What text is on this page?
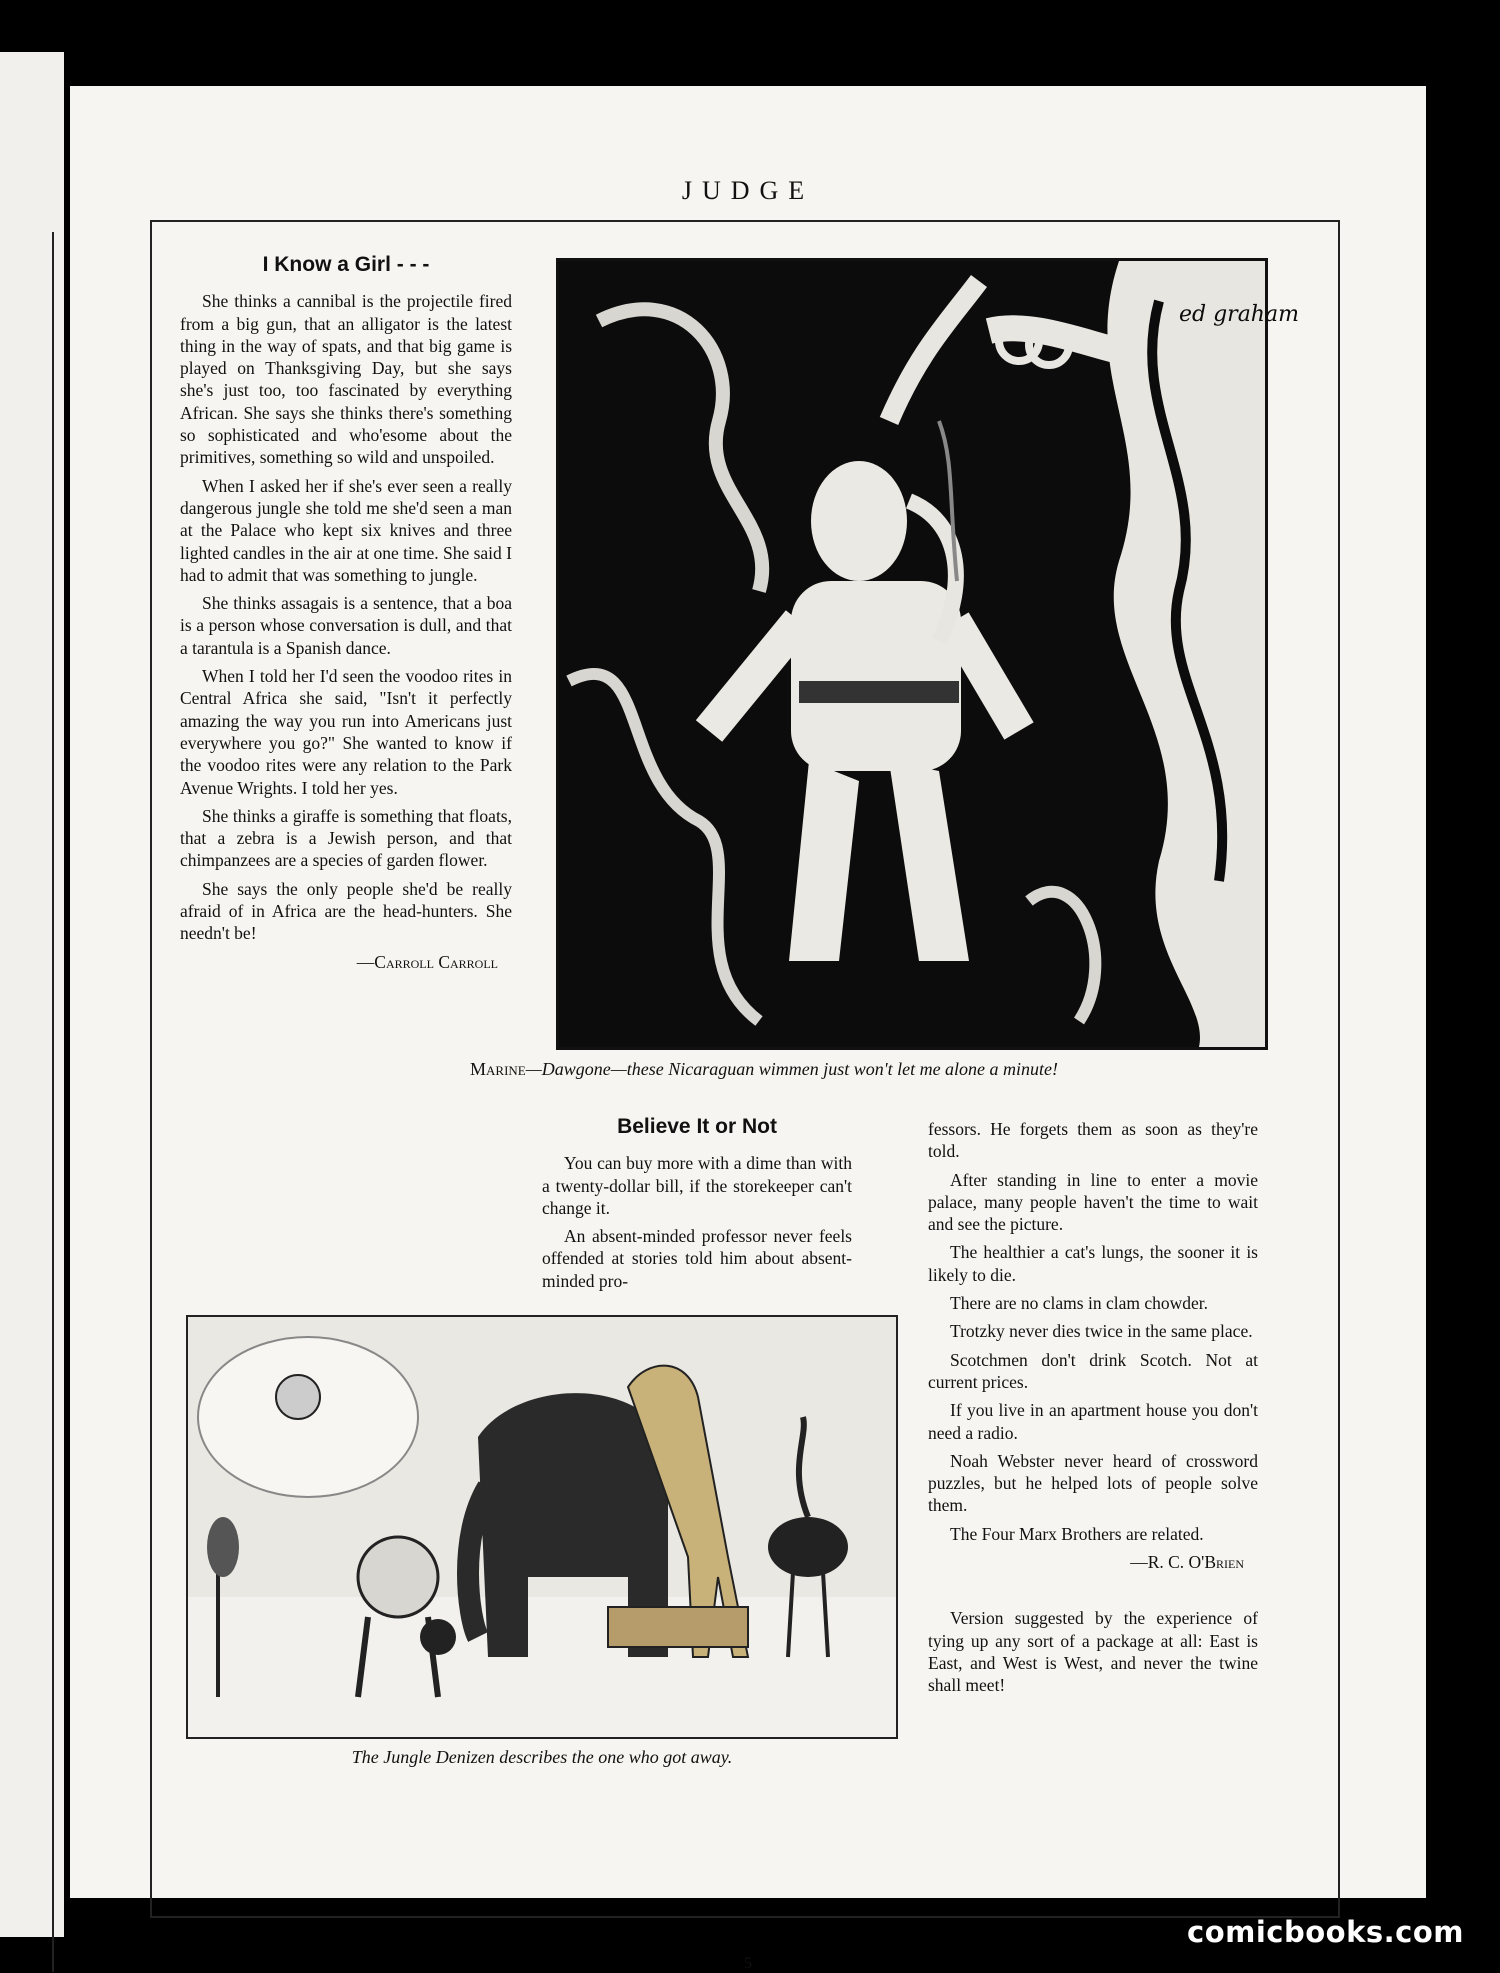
JUDGE
I Know a Girl - - -

She thinks a cannibal is the projectile fired from a big gun, that an alligator is the latest thing in the way of spats, and that big game is played on Thanksgiving Day, but she says she's just too, too fascinated by everything African. She says she thinks there's something so sophisticated and who'esome about the primitives, something so wild and unspoiled.

When I asked her if she's ever seen a really dangerous jungle she told me she'd seen a man at the Palace who kept six knives and three lighted candles in the air at one time. She said I had to admit that was something to jungle.

She thinks assagais is a sentence, that a boa is a person whose conversation is dull, and that a tarantula is a Spanish dance.

When I told her I'd seen the voodoo rites in Central Africa she said, "Isn't it perfectly amazing the way you run into Americans just everywhere you go?" She wanted to know if the voodoo rites were any relation to the Park Avenue Wrights. I told her yes.

She thinks a giraffe is something that floats, that a zebra is a Jewish person, and that chimpanzees are a species of garden flower.

She says the only people she'd be really afraid of in Africa are the head-hunters. She needn't be!

—Carroll Carroll
ed graham
Marine—Dawgone—these Nicaraguan wimmen just won't let me alone a minute!
Believe It or Not

You can buy more with a dime than with a twenty-dollar bill, if the storekeeper can't change it.

An absent-minded professor never feels offended at stories told him about absent-minded pro-

fessors. He forgets them as soon as they're told.

After standing in line to enter a movie palace, many people haven't the time to wait and see the picture.

The healthier a cat's lungs, the sooner it is likely to die.

There are no clams in clam chowder.

Trotzky never dies twice in the same place.

Scotchmen don't drink Scotch. Not at current prices.

If you live in an apartment house you don't need a radio.

Noah Webster never heard of crossword puzzles, but he helped lots of people solve them.

The Four Marx Brothers are related.

—R. C. O'Brien

Version suggested by the experience of tying up any sort of a package at all: East is East, and West is West, and never the twine shall meet!

The Jungle Denizen describes the one who got away.
5
comicbooks.com
